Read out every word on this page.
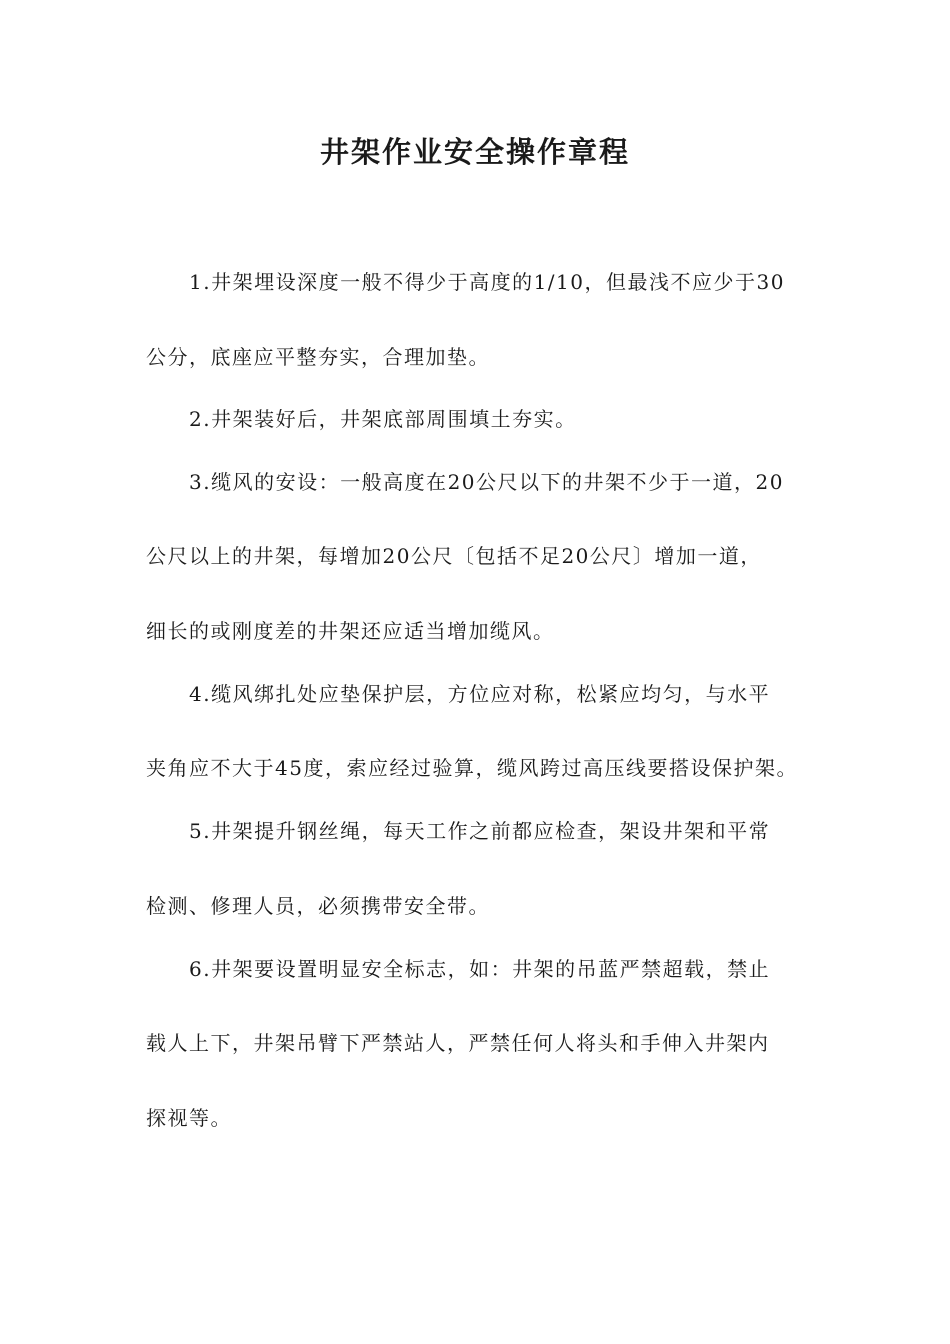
井架作业安全操作章程
1.井架埋设深度一般不得少于高度的1/10，但最浅不应少于30
公分，底座应平整夯实，合理加垫。
2.井架装好后，井架底部周围填土夯实。
3.缆风的安设：一般高度在20公尺以下的井架不少于一道，20
公尺以上的井架，每增加20公尺〔包括不足20公尺〕增加一道，
细长的或刚度差的井架还应适当增加缆风。
4.缆风绑扎处应垫保护层，方位应对称，松紧应均匀，与水平
夹角应不大于45度，索应经过验算，缆风跨过高压线要搭设保护架。
5.井架提升钢丝绳，每天工作之前都应检查，架设井架和平常
检测、修理人员，必须携带安全带。
6.井架要设置明显安全标志，如：井架的吊蓝严禁超载，禁止
载人上下，井架吊臂下严禁站人，严禁任何人将头和手伸入井架内
探视等。
